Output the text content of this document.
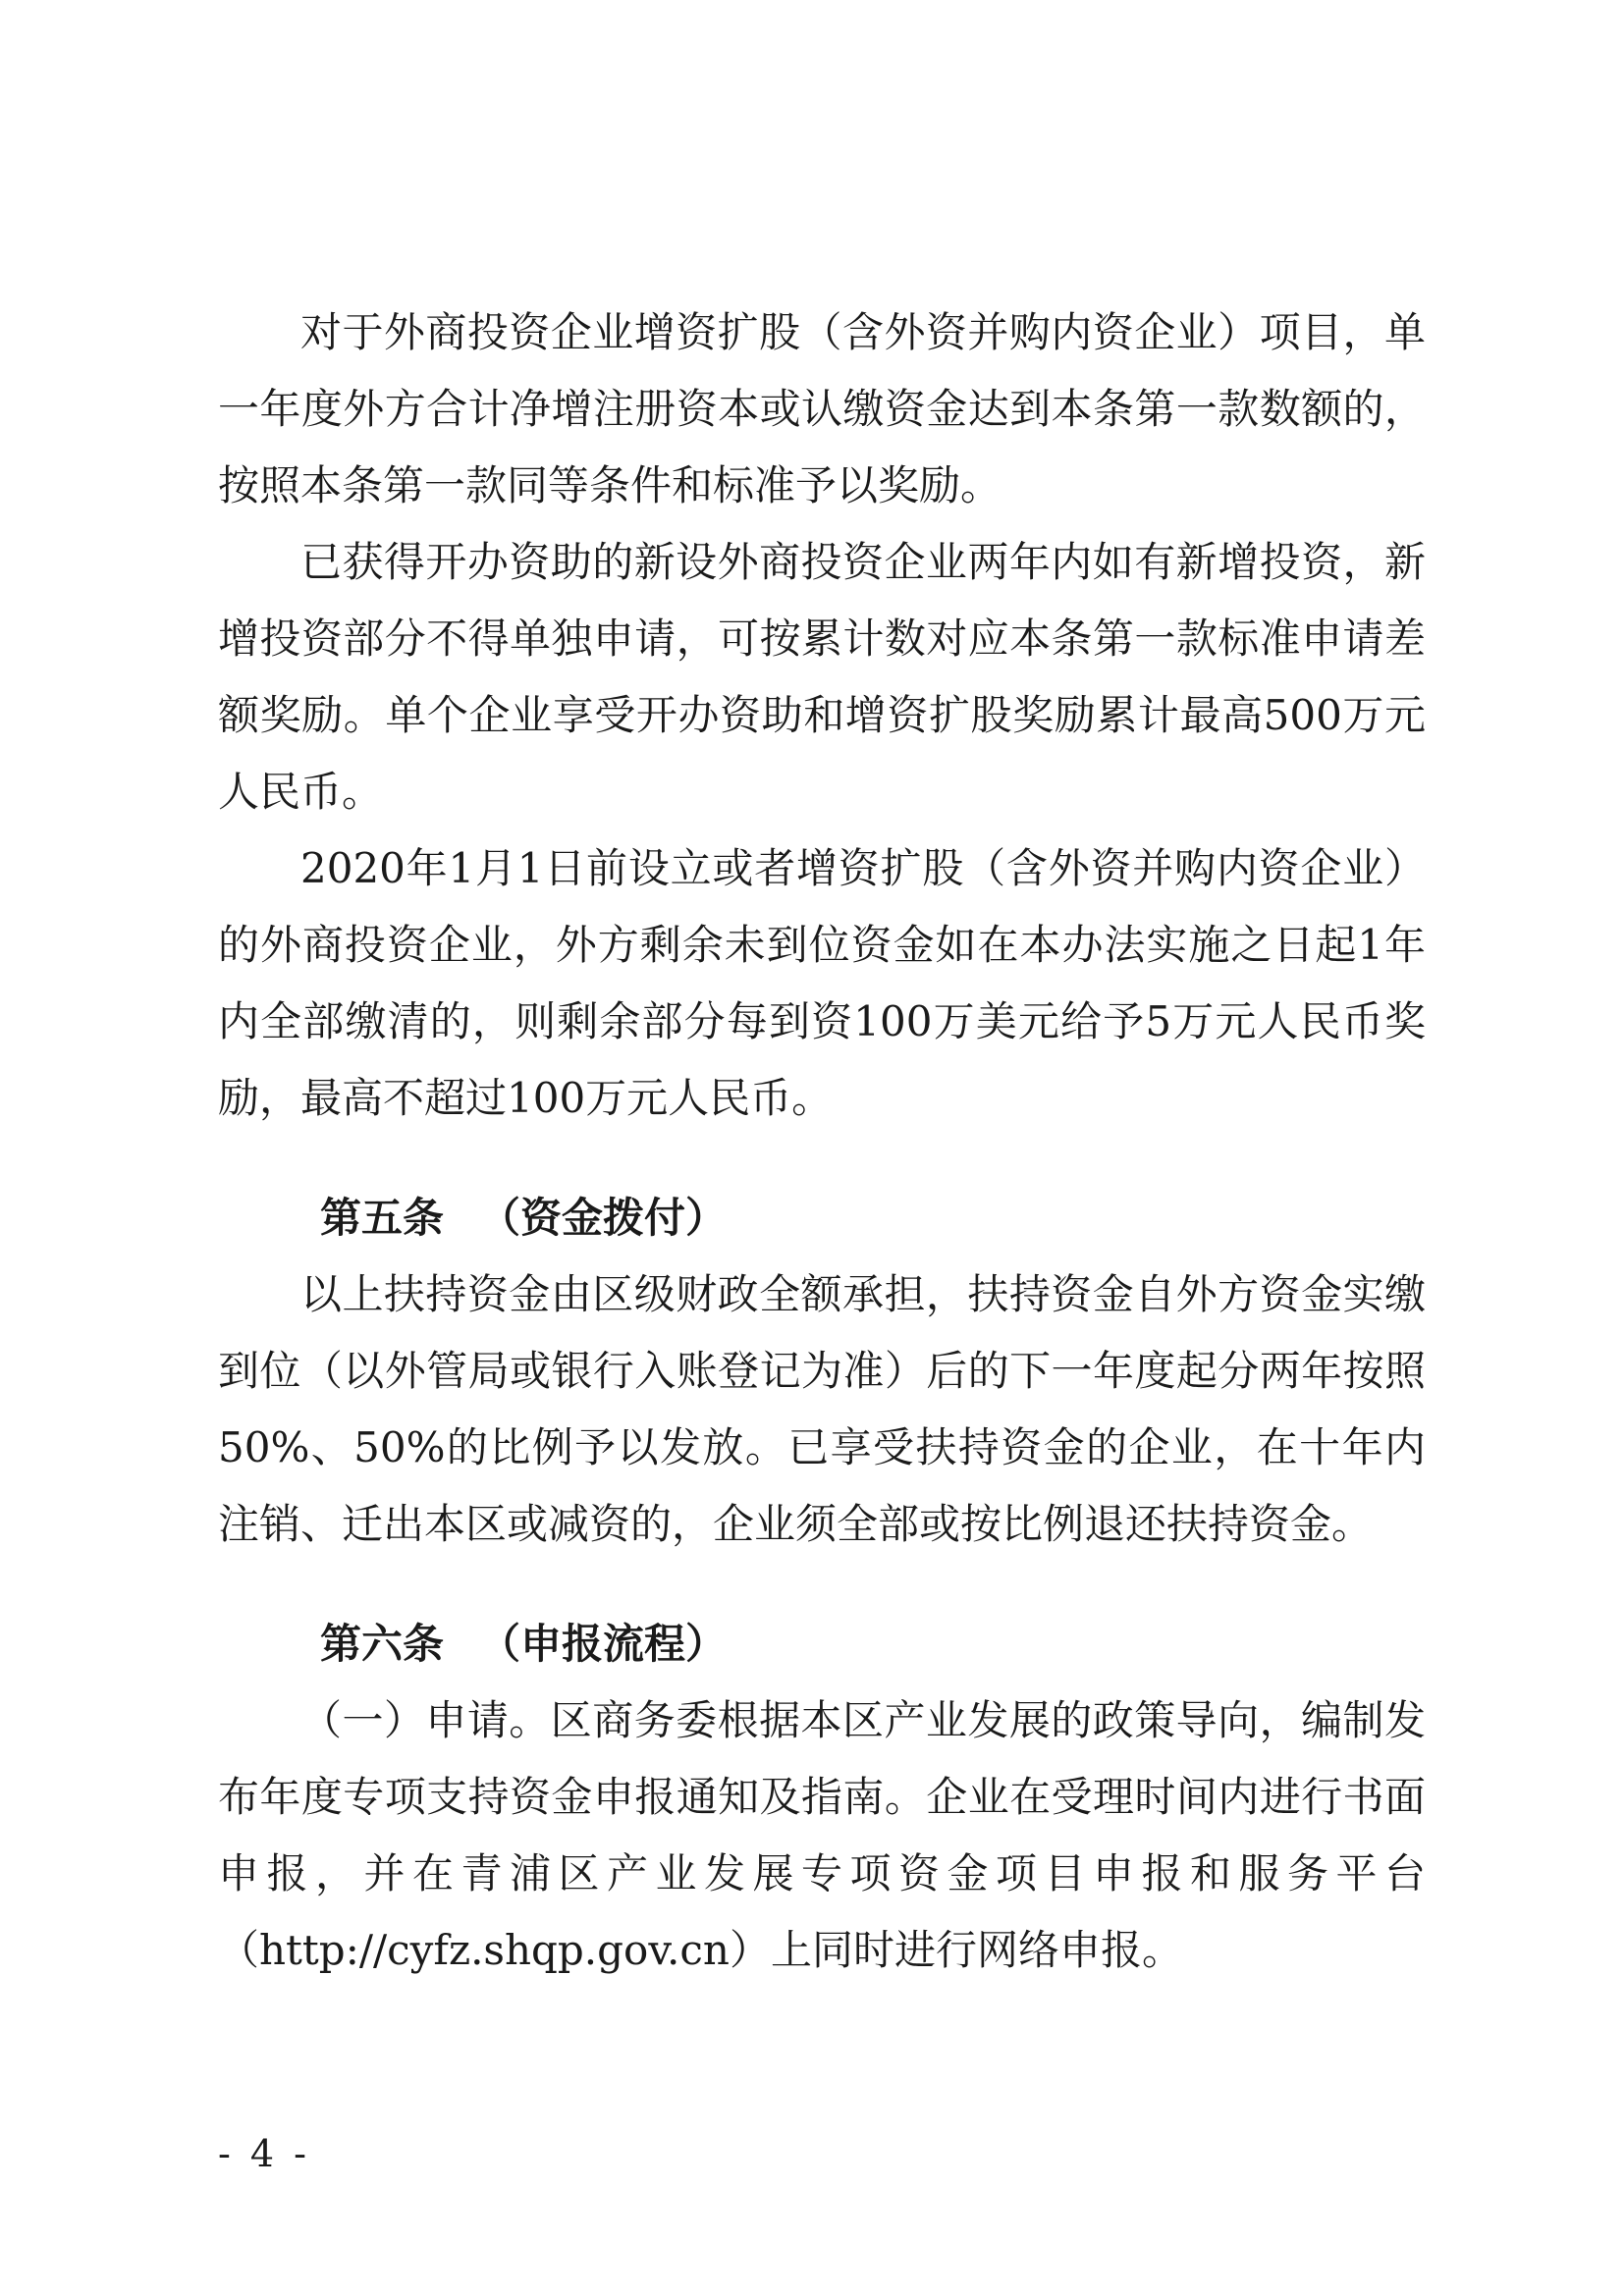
对于外商投资企业增资扩股（含外资并购内资企业）项目，单一年度外方合计净增注册资本或认缴资金达到本条第一款数额的，按照本条第一款同等条件和标准予以奖励。

已获得开办资助的新设外商投资企业两年内如有新增投资，新增投资部分不得单独申请，可按累计数对应本条第一款标准申请差额奖励。单个企业享受开办资助和增资扩股奖励累计最高500万元人民币。

2020年1月1日前设立或者增资扩股（含外资并购内资企业）的外商投资企业，外方剩余未到位资金如在本办法实施之日起1年内全部缴清的，则剩余部分每到资100万美元给予5万元人民币奖励，最高不超过100万元人民币。

第五条 （资金拨付）

以上扶持资金由区级财政全额承担，扶持资金自外方资金实缴到位（以外管局或银行入账登记为准）后的下一年度起分两年按照50%、50%的比例予以发放。已享受扶持资金的企业，在十年内注销、迁出本区或减资的，企业须全部或按比例退还扶持资金。

第六条 （申报流程）

（一）申请。区商务委根据本区产业发展的政策导向，编制发布年度专项支持资金申报通知及指南。企业在受理时间内进行书面申报，并在青浦区产业发展专项资金项目申报和服务平台（http://cyfz.shqp.gov.cn）上同时进行网络申报。

- 4 -
